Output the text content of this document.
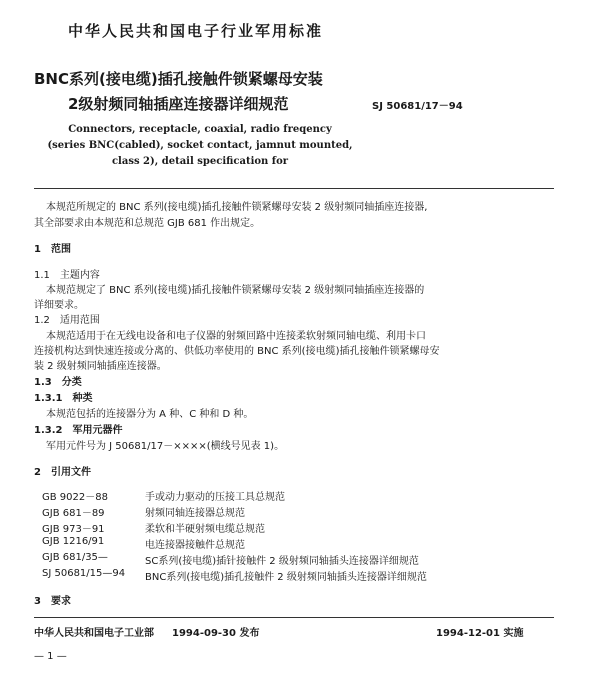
中华人民共和国电子行业军用标准
BNC系列(接电缆)插孔接触件锁紧螺母安装
2级射频同轴插座连接器详细规范	SJ 50681/17－94
Connectors, receptacle, coaxial, radio freqency
(series BNC(cabled), socket contact, jamnut mounted,
class 2), detail specification for
本规范所规定的 BNC 系列(接电缆)插孔接触件锁紧螺母安装 2 级射频同轴插座连接器,
其全部要求由本规范和总规范 GJB 681 作出规定。
1　范围
1.1　主题内容
本规范规定了 BNC 系列(接电缆)插孔接触件锁紧螺母安装 2 级射频同轴插座连接器的
详细要求。
1.2　适用范围
本规范适用于在无线电设备和电子仪器的射频回路中连接柔软射频同轴电缆、利用卡口
连接机构达到快速连接或分离的、供低功率使用的 BNC 系列(接电缆)插孔接触件锁紧螺母安
装 2 级射频同轴插座连接器。
1.3　分类
1.3.1　种类
本规范包括的连接器分为 A 种、C 种和 D 种。
1.3.2　军用元器件
军用元件号为 J 50681/17－××××(横线号见表 1)。
2　引用文件
GB 9022－88	手或动力驱动的压接工具总规范
GJB 681－89	射频同轴连接器总规范
GJB 973－91	柔软和半硬射频电缆总规范
GJB 1216/91	电连接器接触件总规范
GJB 681/35—	SC系列(接电缆)插针接触件 2 级射频同轴插头连接器详细规范
SJ 50681/15—94 BNC系列(接电缆)插孔接触件 2 级射频同轴插头连接器详细规范
3　要求
中华人民共和国电子工业部 1994-09-30 发布	1994-12-01 实施
— 1 —
